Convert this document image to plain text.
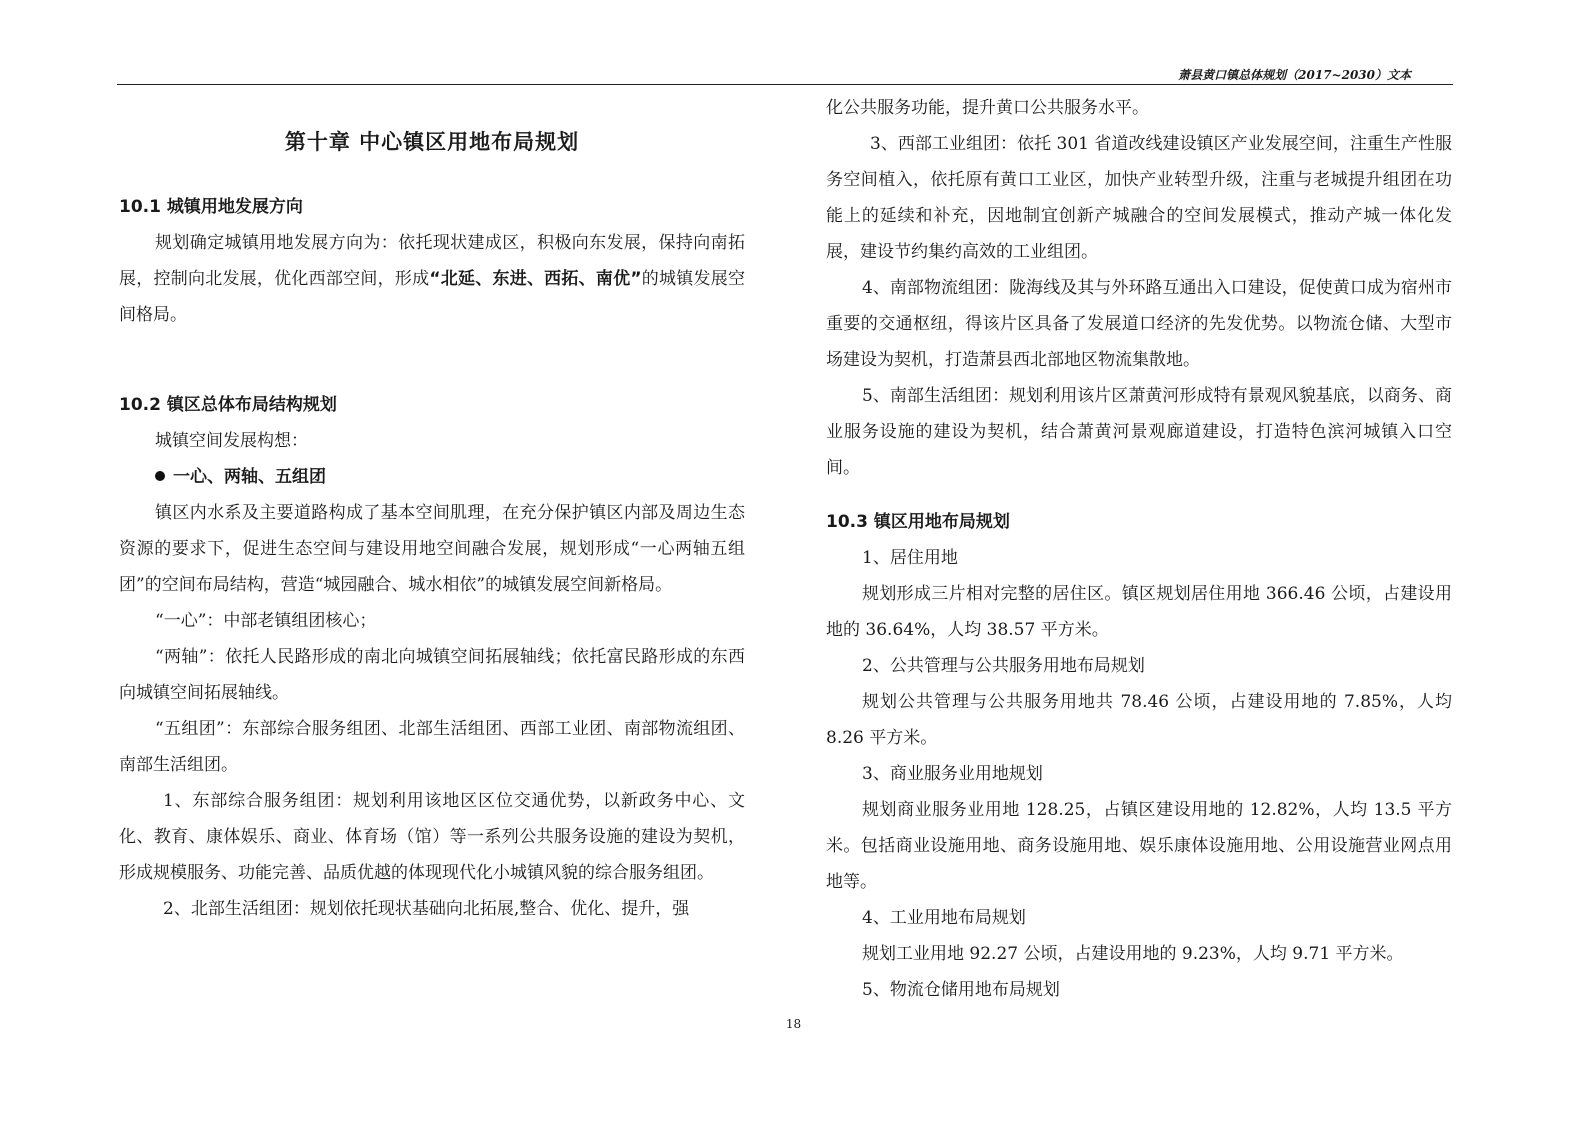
萧县黄口镇总体规划（2017~2030）文本
第十章 中心镇区用地布局规划

10.1 城镇用地发展方向

规划确定城镇用地发展方向为：依托现状建成区，积极向东发展，保持向南拓展，控制向北发展，优化西部空间，形成“北延、东进、西拓、南优”的城镇发展空间格局。

10.2 镇区总体布局结构规划

城镇空间发展构想：

一心、两轴、五组团

镇区内水系及主要道路构成了基本空间肌理，在充分保护镇区内部及周边生态资源的要求下，促进生态空间与建设用地空间融合发展，规划形成“一心两轴五组团”的空间布局结构，营造“城园融合、城水相依”的城镇发展空间新格局。

“一心”：中部老镇组团核心；

“两轴”：依托人民路形成的南北向城镇空间拓展轴线；依托富民路形成的东西向城镇空间拓展轴线。

“五组团”：东部综合服务组团、北部生活组团、西部工业团、南部物流组团、南部生活组团。

1、东部综合服务组团：规划利用该地区区位交通优势，以新政务中心、文化、教育、康体娱乐、商业、体育场（馆）等一系列公共服务设施的建设为契机，形成规模服务、功能完善、品质优越的体现现代化小城镇风貌的综合服务组团。

2、北部生活组团：规划依托现状基础向北拓展,整合、优化、提升，强

化公共服务功能，提升黄口公共服务水平。

3、西部工业组团：依托 301 省道改线建设镇区产业发展空间，注重生产性服务空间植入，依托原有黄口工业区，加快产业转型升级，注重与老城提升组团在功能上的延续和补充，因地制宜创新产城融合的空间发展模式，推动产城一体化发展，建设节约集约高效的工业组团。

4、南部物流组团：陇海线及其与外环路互通出入口建设，促使黄口成为宿州市重要的交通枢纽，得该片区具备了发展道口经济的先发优势。以物流仓储、大型市场建设为契机，打造萧县西北部地区物流集散地。

5、南部生活组团：规划利用该片区萧黄河形成特有景观风貌基底，以商务、商业服务设施的建设为契机，结合萧黄河景观廊道建设，打造特色滨河城镇入口空间。

10.3 镇区用地布局规划

1、居住用地

规划形成三片相对完整的居住区。镇区规划居住用地 366.46 公顷，占建设用地的 36.64%，人均 38.57 平方米。

2、公共管理与公共服务用地布局规划

规划公共管理与公共服务用地共 78.46 公顷，占建设用地的 7.85%，人均 8.26 平方米。

3、商业服务业用地规划

规划商业服务业用地 128.25，占镇区建设用地的 12.82%，人均 13.5 平方米。包括商业设施用地、商务设施用地、娱乐康体设施用地、公用设施营业网点用地等。

4、工业用地布局规划

规划工业用地 92.27 公顷，占建设用地的 9.23%，人均 9.71 平方米。

5、物流仓储用地布局规划

18
